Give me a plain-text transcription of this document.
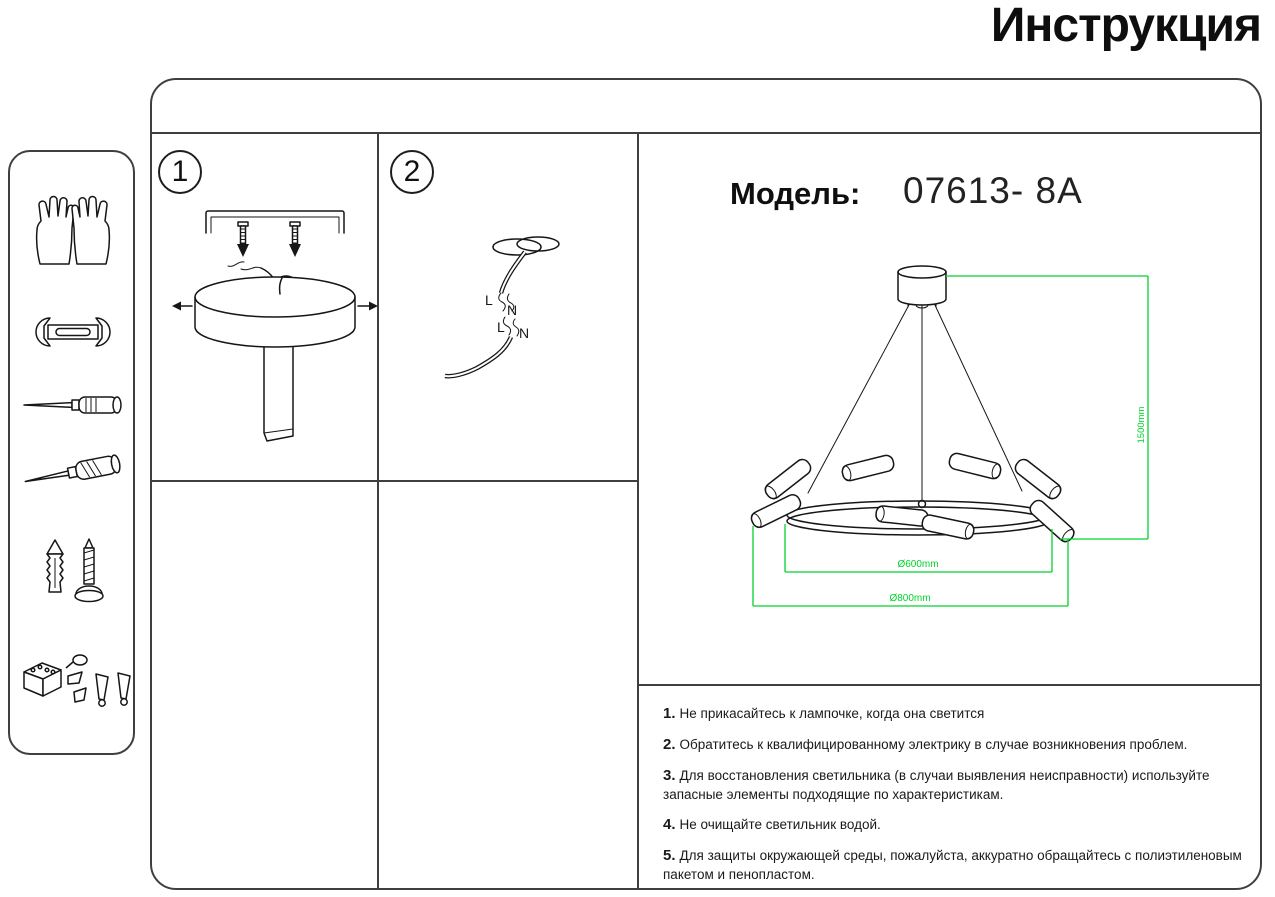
Инструкция
1	2
L
N
L N
Модель: 07613- 8A
1500mm
Ø600mm
Ø800mm
1. Не прикасайтесь к лампочке, когда она светится
2. Обратитесь к квалифицированному электрику в случае возникновения проблем.
3. Для восстановления светильника (в случаи выявления неисправности) используйте запасные элементы подходящие по характеристикам.
4. Не очищайте светильник водой.
5. Для защиты окружающей среды, пожалуйста, аккуратно обращайтесь с полиэтиленовым пакетом и пенопластом.
